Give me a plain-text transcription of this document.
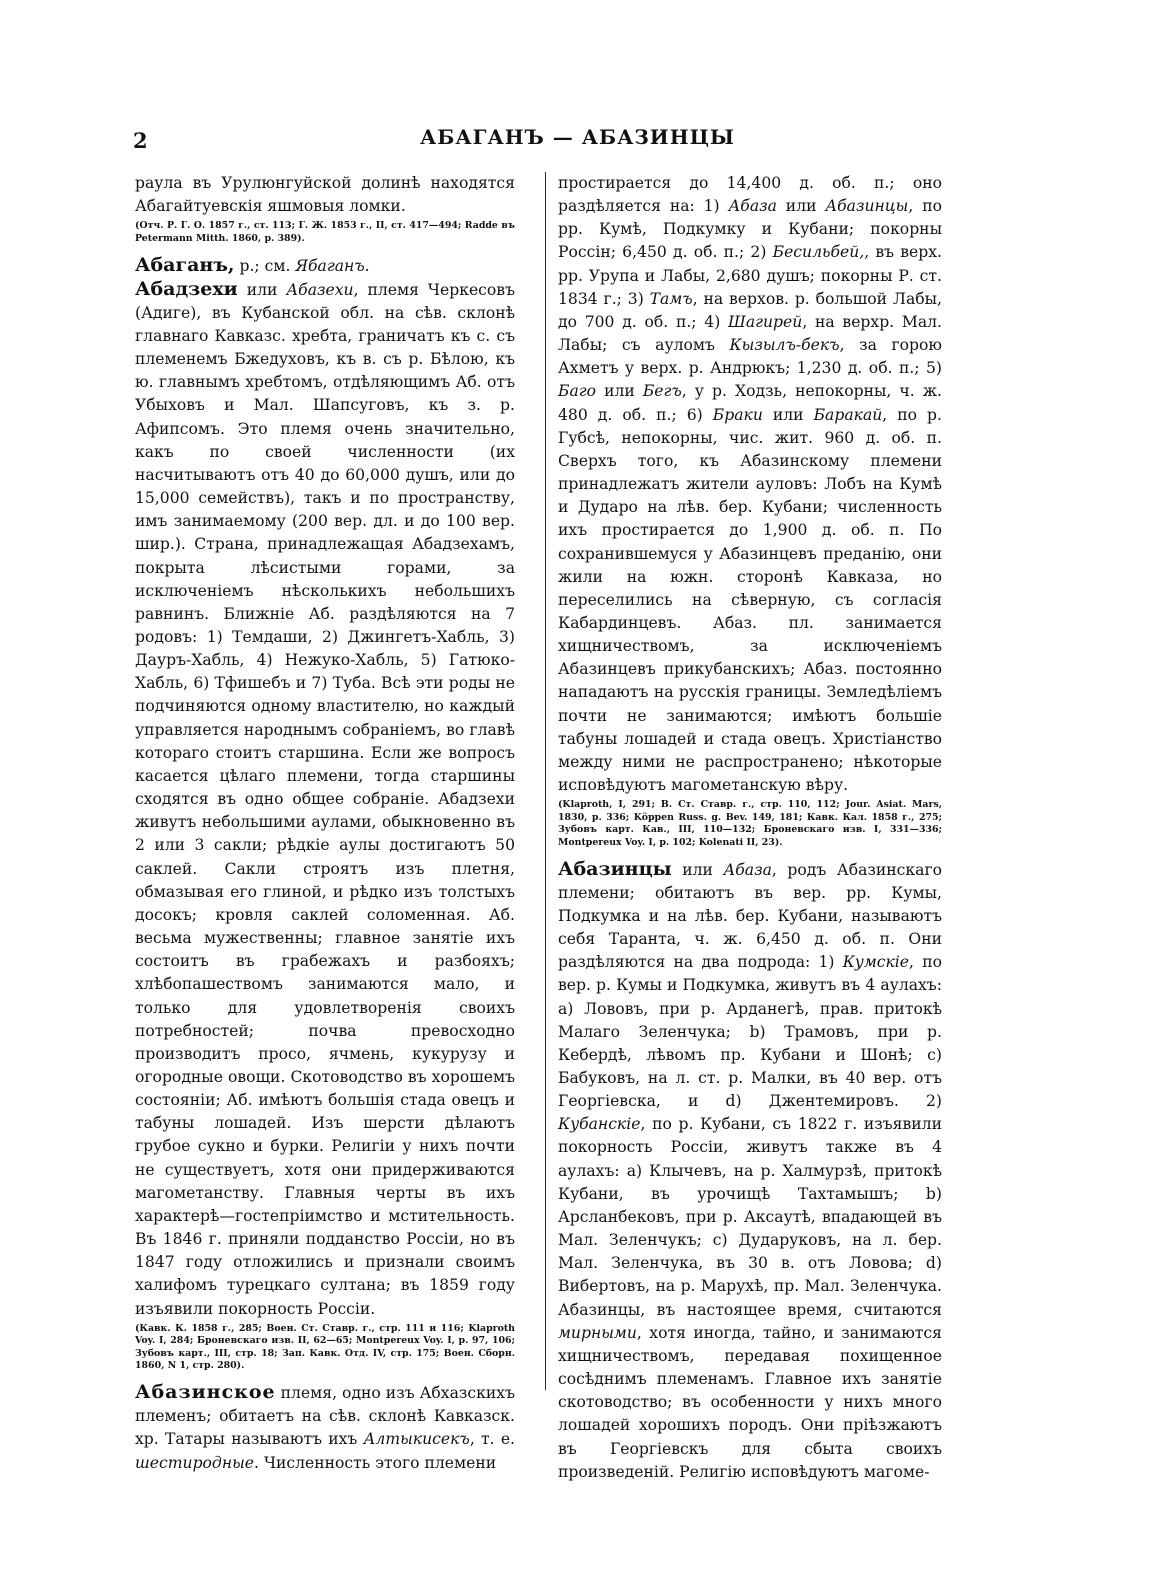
2	АБАГАНЪ — АБАЗИНЦЫ

раула въ Урулюнгуйской долинѣ находятся Абагайтуевскія яшмовыя ломки.

(Отч. Р. Г. О. 1857 г., ст. 113; Г. Ж. 1853 г., II, ст. 417—494; Radde въ Petermann Mitth. 1860, p. 389).

Абаганъ, р.; см. Ябаганъ.

Абадзехи или Абазехи, племя Черкесовъ (Адиге), въ Кубанской обл. на сѣв. склонѣ главнаго Кавказс. хребта, граничатъ къ с. съ племенемъ Бжедуховъ, къ в. съ р. Бѣлою, къ ю. главнымъ хребтомъ, отдѣляющимъ Аб. отъ Убыховъ и Мал. Шапсуговъ, къ з. р. Афипсомъ. Это племя очень значительно, какъ по своей численности (их насчитываютъ отъ 40 до 60,000 душъ, или до 15,000 семействъ), такъ и по пространству, имъ занимаемому (200 вер. дл. и до 100 вер. шир.). Страна, принадлежащая Абадзехамъ, покрыта лѣсистыми горами, за исключеніемъ нѣсколькихъ небольшихъ равнинъ. Ближніе Аб. раздѣляются на 7 родовъ: 1) Темдаши, 2) Джингетъ-Хабль, 3) Дауръ-Хабль, 4) Нежуко-Хабль, 5) Гатюко-Хабль, 6) Тфишебъ и 7) Туба. Всѣ эти роды не подчиняются одному властителю, но каждый управляется народнымъ собраніемъ, во главѣ котораго стоитъ старшина. Если же вопросъ касается цѣлаго племени, тогда старшины сходятся въ одно общее собраніе. Абадзехи живутъ небольшими аулами, обыкновенно въ 2 или 3 сакли; рѣдкіе аулы достигаютъ 50 саклей. Сакли строятъ изъ плетня, обмазывая его глиной, и рѣдко изъ толстыхъ досокъ; кровля саклей соломенная. Аб. весьма мужественны; главное занятіе ихъ состоитъ въ грабежахъ и разбояхъ; хлѣбопашествомъ занимаются мало, и только для удовлетворенія своихъ потребностей; почва превосходно производитъ просо, ячмень, кукурузу и огородные овощи. Скотоводство въ хорошемъ состояніи; Аб. имѣютъ большія стада овецъ и табуны лошадей. Изъ шерсти дѣлаютъ грубое сукно и бурки. Религіи у нихъ почти не существуетъ, хотя они придерживаются магометанству. Главныя черты въ ихъ характерѣ—гостепріимство и мстительность. Въ 1846 г. приняли подданство Россіи, но въ 1847 году отложились и признали своимъ халифомъ турецкаго султана; въ 1859 году изъявили покорность Россіи.

(Кавк. К. 1858 г., 285; Воен. Ст. Ставр. г., стр. 111 и 116; Klaproth Voy. I, 284; Броневскаго изв. II, 62—65; Montpereux Voy. I, p. 97, 106; Зубовъ карт., III, стр. 18; Зап. Кавк. Отд. IV, стр. 175; Воен. Сборн. 1860, N 1, стр. 280).

Абазинское племя, одно изъ Абхазскихъ племенъ; обитаетъ на сѣв. склонѣ Кавказск. хр. Татары называютъ ихъ Алтыкисекъ, т. е. шестиродные. Численность этого племени

простирается до 14,400 д. об. п.; оно раздѣляется на: 1) Абаза или Абазинцы, по рр. Кумѣ, Подкумку и Кубани; покорны Россін; 6,450 д. об. п.; 2) Бесильбей,, въ верх. рр. Урупа и Лабы, 2,680 душъ; покорны Р. ст. 1834 г.; 3) Тамъ, на верхов. р. большой Лабы, до 700 д. об. п.; 4) Шагирей, на верхр. Мал. Лабы; съ ауломъ Кызылъ-бекъ, за горою Ахметъ у верх. р. Андрюкъ; 1,230 д. об. п.; 5) Баго или Бегъ, у р. Ходзь, непокорны, ч. ж. 480 д. об. п.; 6) Браки или Баракай, по р. Губсѣ, непокорны, чис. жит. 960 д. об. п. Сверхъ того, къ Абазинскому племени принадлежатъ жители ауловъ: Лобъ на Кумѣ и Дударо на лѣв. бер. Кубани; численность ихъ простирается до 1,900 д. об. п. По сохранившемуся у Абазинцевъ преданію, они жили на южн. сторонѣ Кавказа, но переселились на сѣверную, съ согласія Кабардинцевъ. Абаз. пл. занимается хищничествомъ, за исключеніемъ Абазинцевъ прикубанскихъ; Абаз. постоянно нападаютъ на русскія границы. Земледѣліемъ почти не занимаются; имѣютъ большіе табуны лошадей и стада овецъ. Христіанство между ними не распространено; нѣкоторые исповѣдуютъ магометанскую вѣру.

(Klaproth, I, 291; В. Ст. Ставр. г., стр. 110, 112; Jour. Asiat. Mars, 1830, p. 336; Köppen Russ. g. Bev. 149, 181; Кавк. Кал. 1858 г., 275; Зубовъ карт. Кав., III, 110—132; Броневскаго изв. I, 331—336; Montpereux Voy. I, p. 102; Kolenati II, 23).

Абазинцы или Абаза, родъ Абазинскаго племени; обитаютъ въ вер. рр. Кумы, Подкумка и на лѣв. бер. Кубани, называютъ себя Таранта, ч. ж. 6,450 д. об. п. Они раздѣляются на два подрода: 1) Кумскіе, по вер. р. Кумы и Подкумка, живутъ въ 4 аулахъ: a) Лововъ, при р. Арданегѣ, прав. притокѣ Малаго Зеленчука; b) Трамовъ, при р. Кебердѣ, лѣвомъ пр. Кубани и Шонѣ; c) Бабуковъ, на л. ст. р. Малки, въ 40 вер. отъ Георгіевска, и d) Джентемировъ. 2) Кубанскіе, по р. Кубани, съ 1822 г. изъявили покорность Россіи, живутъ также въ 4 аулахъ: a) Клычевъ, на р. Халмурзѣ, притокѣ Кубани, въ урочищѣ Тахтамышъ; b) Арсланбековъ, при р. Аксаутѣ, впадающей въ Мал. Зеленчукъ; c) Дударуковъ, на л. бер. Мал. Зеленчука, въ 30 в. отъ Ловова; d) Вибертовъ, на р. Марухѣ, пр. Мал. Зеленчука. Абазинцы, въ настоящее время, считаются мирными, хотя иногда, тайно, и занимаются хищничествомъ, передавая похищенное сосѣднимъ племенамъ. Главное ихъ занятіе скотоводство; въ особенности у нихъ много лошадей хорошихъ породъ. Они пріѣзжаютъ въ Георгіевскъ для сбыта своихъ произведеній. Религію исповѣдуютъ магоме-
